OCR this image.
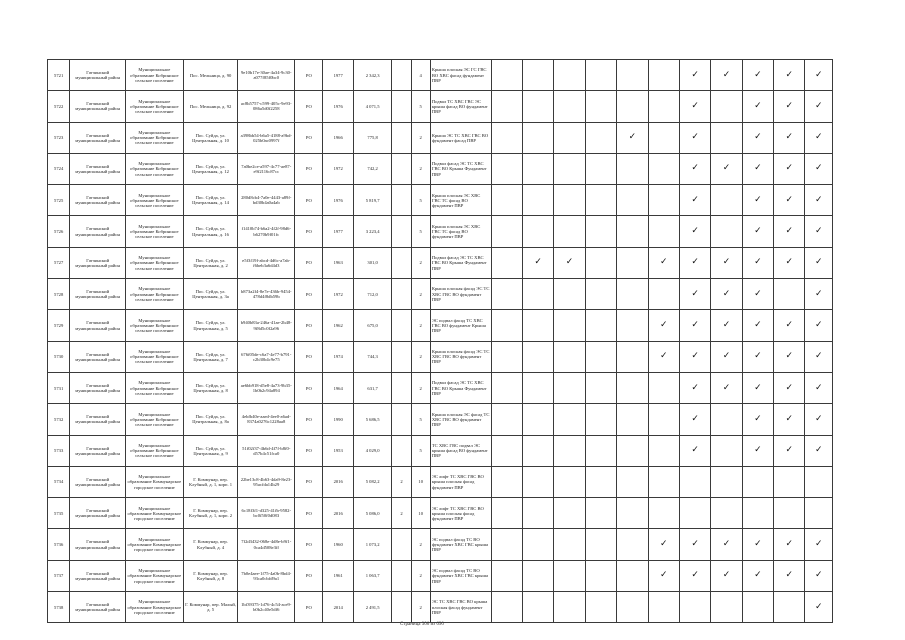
5721	Гатчинский муниципальный район	Муниципальное образование Кобринское сельское поселение	Пос. Мельница, д. 90	9e10b17e-30ae-4a34-9c30-a077f85f0bc0	РО	1977	2 342,3		4	Крыша плоская ЭС ГС ГВС ВО ХВС фасад фундамент ПВР							✓	✓	✓	✓	✓
5722	Гатчинский муниципальный район	Муниципальное образование Кобринское сельское поселение	Пос. Мельница, д. 92	ac8b5757-c599-405c-9e93-086a5d0f2258	РО	1976	4 071,5		5	Подвал ТС ХВС ГВС ЭС крыша фасад ВО фундамент ПВР							✓		✓	✓	✓
5723	Гатчинский муниципальный район	Муниципальное образование Кобринское сельское поселение	Пос. Суйда, ул. Центральная, д. 10	a398bb54-b6a5-4188-a9bd-025b0ac0997f	РО	1966	775,8		2	Крыша ЭС ТС ХВС ГВС ВО фундамент фасад ПВР					✓		✓		✓	✓	✓
5724	Гатчинский муниципальный район	Муниципальное образование Кобринское сельское поселение	Пос. Суйда, ул. Центральная, д. 12	7a0be2ce-a597-4c77-ae87-e9f2116c87cc	РО	1972	742,2		2	Подвал фасад ЭС ТС ХВС ГВС ВО Крыша Фундамент ПВР							✓	✓	✓	✓	✓
5725	Гатчинский муниципальный район	Муниципальное образование Кобринское сельское поселение	Пос. Суйда, ул. Центральная, д. 14	280d8cb4-7a0e-4443-a89f-bd30b4a0a4ab	РО	1976	5 819,7		5	Крыша плоская ЭС ХВС ГВС ТС фасад ВО фундамент ПВР							✓		✓	✓	✓
5726	Гатчинский муниципальный район	Муниципальное образование Кобринское сельское поселение	Пос. Суйда, ул. Центральная, д. 16	f1410b74-b6a2-4f2f-98d6-b6270b9f01fc	РО	1977	3 223,4		5	Крыша плоская ЭС ХВС ГВС ТС фасад ВО фундамент ПВР							✓		✓	✓	✓
5727	Гатчинский муниципальный район	Муниципальное образование Кобринское сельское поселение	Пос. Суйда, ул. Центральная, д. 2	e5f3f19f-abcd-4d6c-a7ab-f6beb3a6d4d3	РО	1963	301,0		2	Подвал фасад ЭС ТС ХВС ГВС ВО Крыша Фундамент ПВР		✓	✓			✓	✓	✓	✓	✓	✓
5728	Гатчинский муниципальный район	Муниципальное образование Кобринское сельское поселение	Пос. Суйда, ул. Центральная, д. 3а	b873a2f4-8e7e-436b-9454-478d4f8db59b	РО	1972	712,0		2	Крыша плоская фасад ЭС ТС ХВС ГВС ВО фундамент ПВР							✓	✓	✓		✓
5729	Гатчинский муниципальный район	Муниципальное образование Кобринское сельское поселение	Пос. Суйда, ул. Центральная, д. 5	b940b83a-246a-41ae-2b48-9f8d5c0f2a96	РО	1962	675,0		2	ЭС подвал фасад ТС ХВС ГВС ВО фундамент Крыша ПВР						✓	✓	✓	✓	✓	✓
5730	Гатчинский муниципальный район	Муниципальное образование Кобринское сельское поселение	Пос. Суйда, ул. Центральная, д. 7	676f05de-c6a7-4e77-b791-c2b30b4c9e75	РО	1974	744,3		2	Крыша плоская фасад ЭС ТС ХВС ГВС ВО фундамент ПВР						✓	✓	✓	✓	✓	✓
5731	Гатчинский муниципальный район	Муниципальное образование Кобринское сельское поселение	Пос. Суйда, ул. Центральная, д. 8	ae6bb918-d5e8-4a73-9b35-1b0b2c94a894	РО	1964	631,7		2	Подвал фасад ЭС ТС ХВС ГВС ВО Крыша Фундамент ПВР							✓	✓	✓	✓	✓
5732	Гатчинский муниципальный район	Муниципальное образование Кобринское сельское поселение	Пос. Суйда, ул. Центральная, д. 8а	4ebfb40e-aaed-4ee0-a6ad-8374a0276c1228aa8	РО	1990	5 686,5		5	Крыша плоская ЭС фасад ТС ХВС ГВС ВО фундамент ПВР							✓		✓	✓	✓
5733	Гатчинский муниципальный район	Муниципальное образование Кобринское сельское поселение	Пос. Суйда, ул. Центральная, д. 9	51f02f37-4b6d-4f7f-b8f0-d57b4c51fca0	РО	1953	4 029,0		5	ТС ХВС ГВС подвал ЭС крыша фасад ВО фундамент ПВР							✓		✓	✓	✓
5734	Гатчинский муниципальный район	Муниципальное образование Коммунарское городское поселение	Г. Коммунар, пер. Клубный, д. 1, корп. 1	22be13c8-4b63-4da9-8e23-95acfda14b29	РО	2016	5 082,2	2	10	ЭС лифт ТС ХВС ГВС ВО крыша плоская фасад фундамент ПВР											
5735	Гатчинский муниципальный район	Муниципальное образование Коммунарское городское поселение	Г. Коммунар, пер. Клубный, д. 1, корп. 2	6c18f3f1-d325-41fb-9582-bc0f50f0d083	РО	2016	5 086,0	2	10	ЭС лифт ТС ХВС ГВС ВО крыша плоская фасад фундамент ПВР											
5736	Гатчинский муниципальный район	Муниципальное образование Коммунарское городское поселение	Г. Коммунар, пер. Клубный, д. 4	7f2d3432-068e-4d8e-b9f1-0ca4d508e3ff	РО	1960	1 073,2		2	ЭС подвал фасад ТС ВО фундамент ХВС ГВС крыша ПВР						✓	✓	✓	✓	✓	✓
5737	Гатчинский муниципальный район	Муниципальное образование Коммунарское городское поселение	Г. Коммунар, пер. Клубный, д. 8	7b0e4aee-1f75-4a0b-8bd4-93ca0cbfd9a1	РО	1961	1 063,7		2	ЭС подвал фасад ТС ВО фундамент ХВС ГВС крыша ПВР						✓	✓	✓	✓	✓	✓
5738	Гатчинский муниципальный район	Муниципальное образование Коммунарское городское поселение	Г. Коммунар, пер. Малый, д. 5	1bf39375-1d76-4c54-ace9-b0b2c40e5df6	РО	2014	2 491,5		2	ЭС ТС ХВС ГВС ВО крыша плоская фасад фундамент ПВР											✓
Страница 306 из 690
